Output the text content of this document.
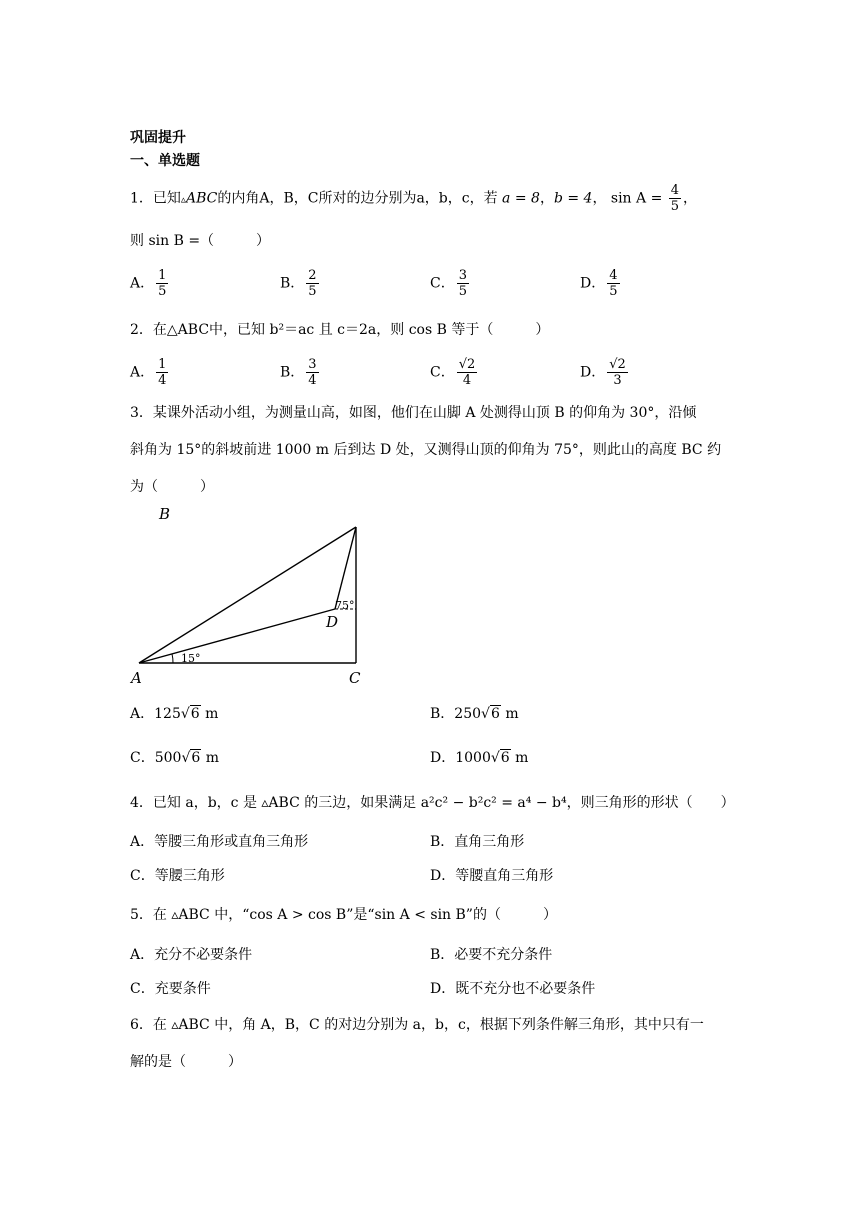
巩固提升
一、单选题
1．已知▵ABC的内角A，B，C所对的边分别为a，b，c，若 a = 8，b = 4， $\sin A = \frac{4}{5}$ ，
则 sin B =（　　　）
A． $\frac{1}{5}$	B． $\frac{2}{5}$	C． $\frac{3}{5}$	D． $\frac{4}{5}$
2．在△ABC中，已知 b²＝ac 且 c＝2a，则 cos B 等于（　　　）
A． $\frac{1}{4}$	B． $\frac{3}{4}$	C． $\frac{√2}{4}$	D． $\frac{√2}{3}$
3．某课外活动小组，为测量山高，如图，他们在山脚 A 处测得山顶 B 的仰角为 30°，沿倾
斜角为 15°的斜坡前进 1000 m 后到达 D 处，又测得山顶的仰角为 75°，则此山的高度 BC 约
为（　　　）
B
A	C
D
15°
75°
A．125√6 m	B．250√6 m
C．500√6 m	D．1000√6 m
4．已知 a，b，c 是 ▵ABC 的三边，如果满足 a²c² − b²c² = a⁴ − b⁴，则三角形的形状（　　）
A．等腰三角形或直角三角形	B．直角三角形
C．等腰三角形	D．等腰直角三角形
5．在 ▵ABC 中，“cos A > cos B”是“sin A < sin B”的（　　　）
A．充分不必要条件	B．必要不充分条件
C．充要条件	D．既不充分也不必要条件
6．在 ▵ABC 中，角 A，B，C 的对边分别为 a，b，c，根据下列条件解三角形，其中只有一
解的是（　　　）
